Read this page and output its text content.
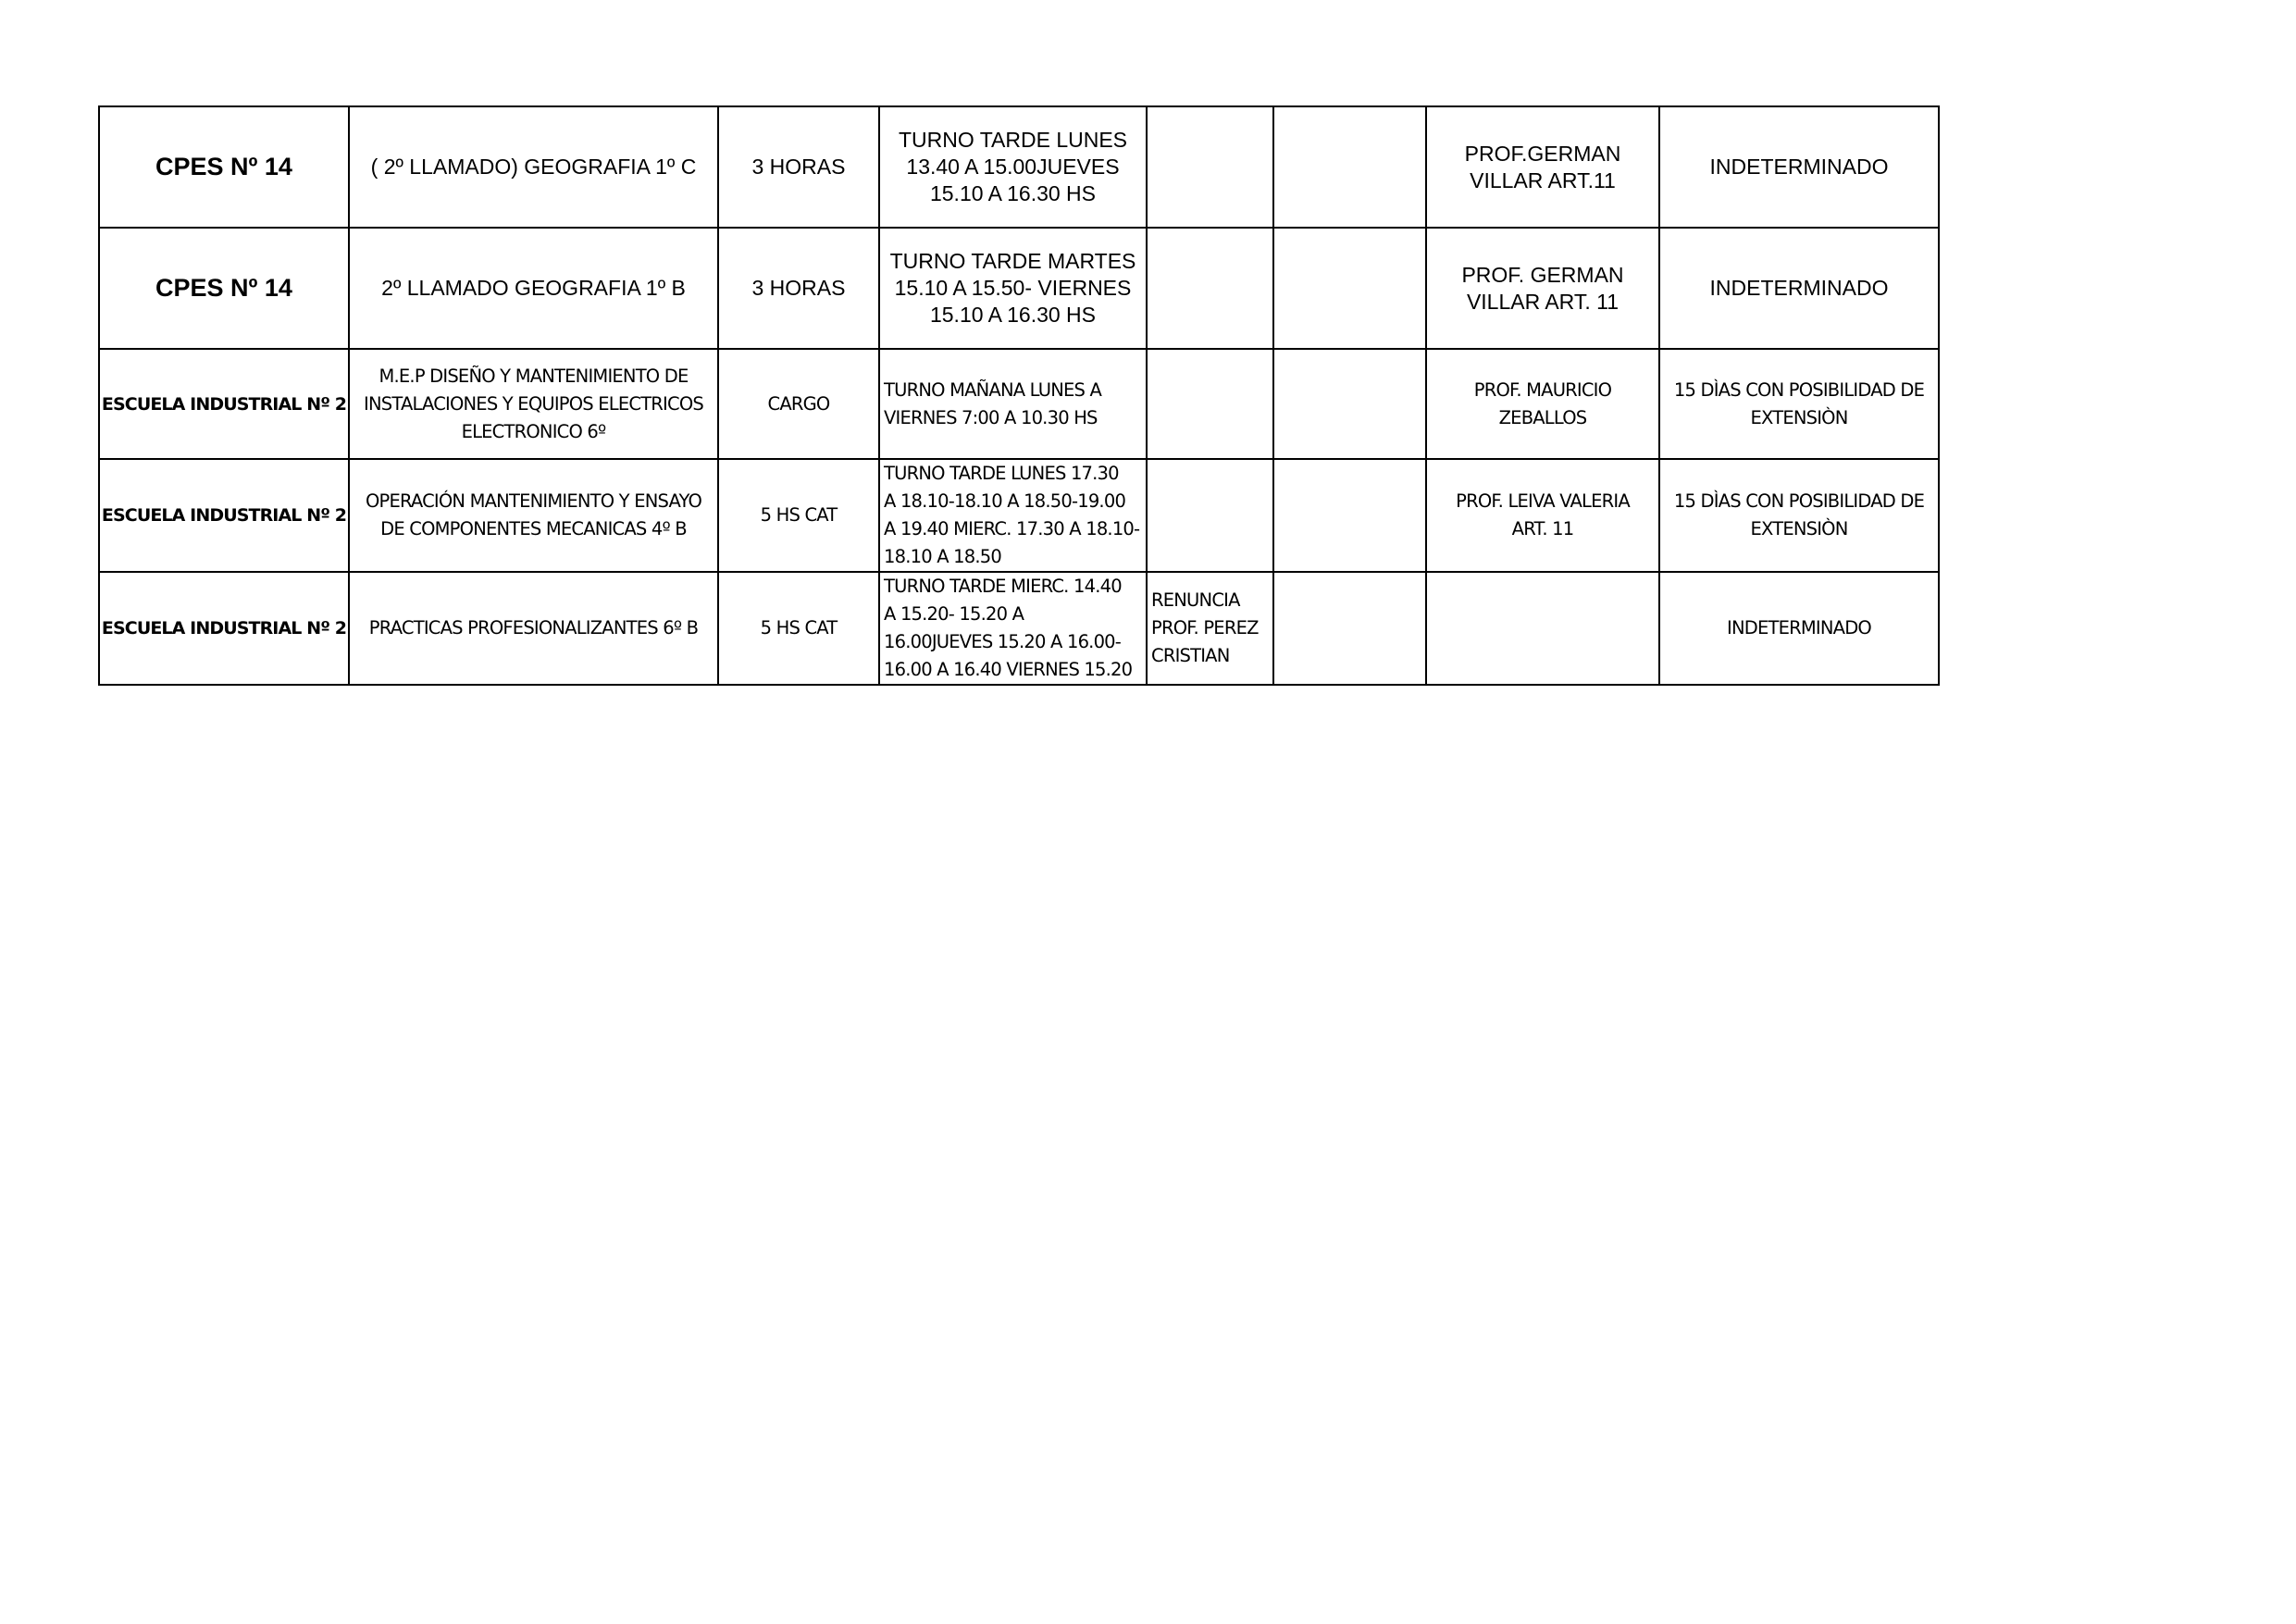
CPES Nº 14	( 2º LLAMADO) GEOGRAFIA 1º C	3 HORAS	TURNO TARDE LUNES
13.40 A 15.00JUEVES
15.10 A 16.30 HS			PROF.GERMAN
VILLAR ART.11	INDETERMINADO
CPES Nº 14	2º LLAMADO GEOGRAFIA 1º B	3 HORAS	TURNO TARDE MARTES
15.10 A 15.50- VIERNES
15.10 A 16.30 HS			PROF. GERMAN
VILLAR ART. 11	INDETERMINADO
ESCUELA INDUSTRIAL Nº 2	M.E.P DISEÑO Y MANTENIMIENTO DE
INSTALACIONES Y EQUIPOS ELECTRICOS
ELECTRONICO 6º	CARGO	TURNO MAÑANA LUNES A
VIERNES 7:00 A 10.30 HS			PROF. MAURICIO
ZEBALLOS	15 DÌAS CON POSIBILIDAD DE
EXTENSIÒN
ESCUELA INDUSTRIAL Nº 2	OPERACIÓN MANTENIMIENTO Y ENSAYO
DE COMPONENTES MECANICAS 4º B	5 HS CAT	TURNO TARDE LUNES 17.30
A 18.10-18.10 A 18.50-19.00
A 19.40 MIERC. 17.30 A 18.10-
18.10 A 18.50			PROF. LEIVA VALERIA
ART. 11	15 DÌAS CON POSIBILIDAD DE
EXTENSIÒN
ESCUELA INDUSTRIAL Nº 2	PRACTICAS PROFESIONALIZANTES 6º B	5 HS CAT	TURNO TARDE MIERC. 14.40
A 15.20- 15.20 A
16.00JUEVES 15.20 A 16.00-
16.00 A 16.40 VIERNES 15.20	RENUNCIA
PROF. PEREZ
CRISTIAN			INDETERMINADO
